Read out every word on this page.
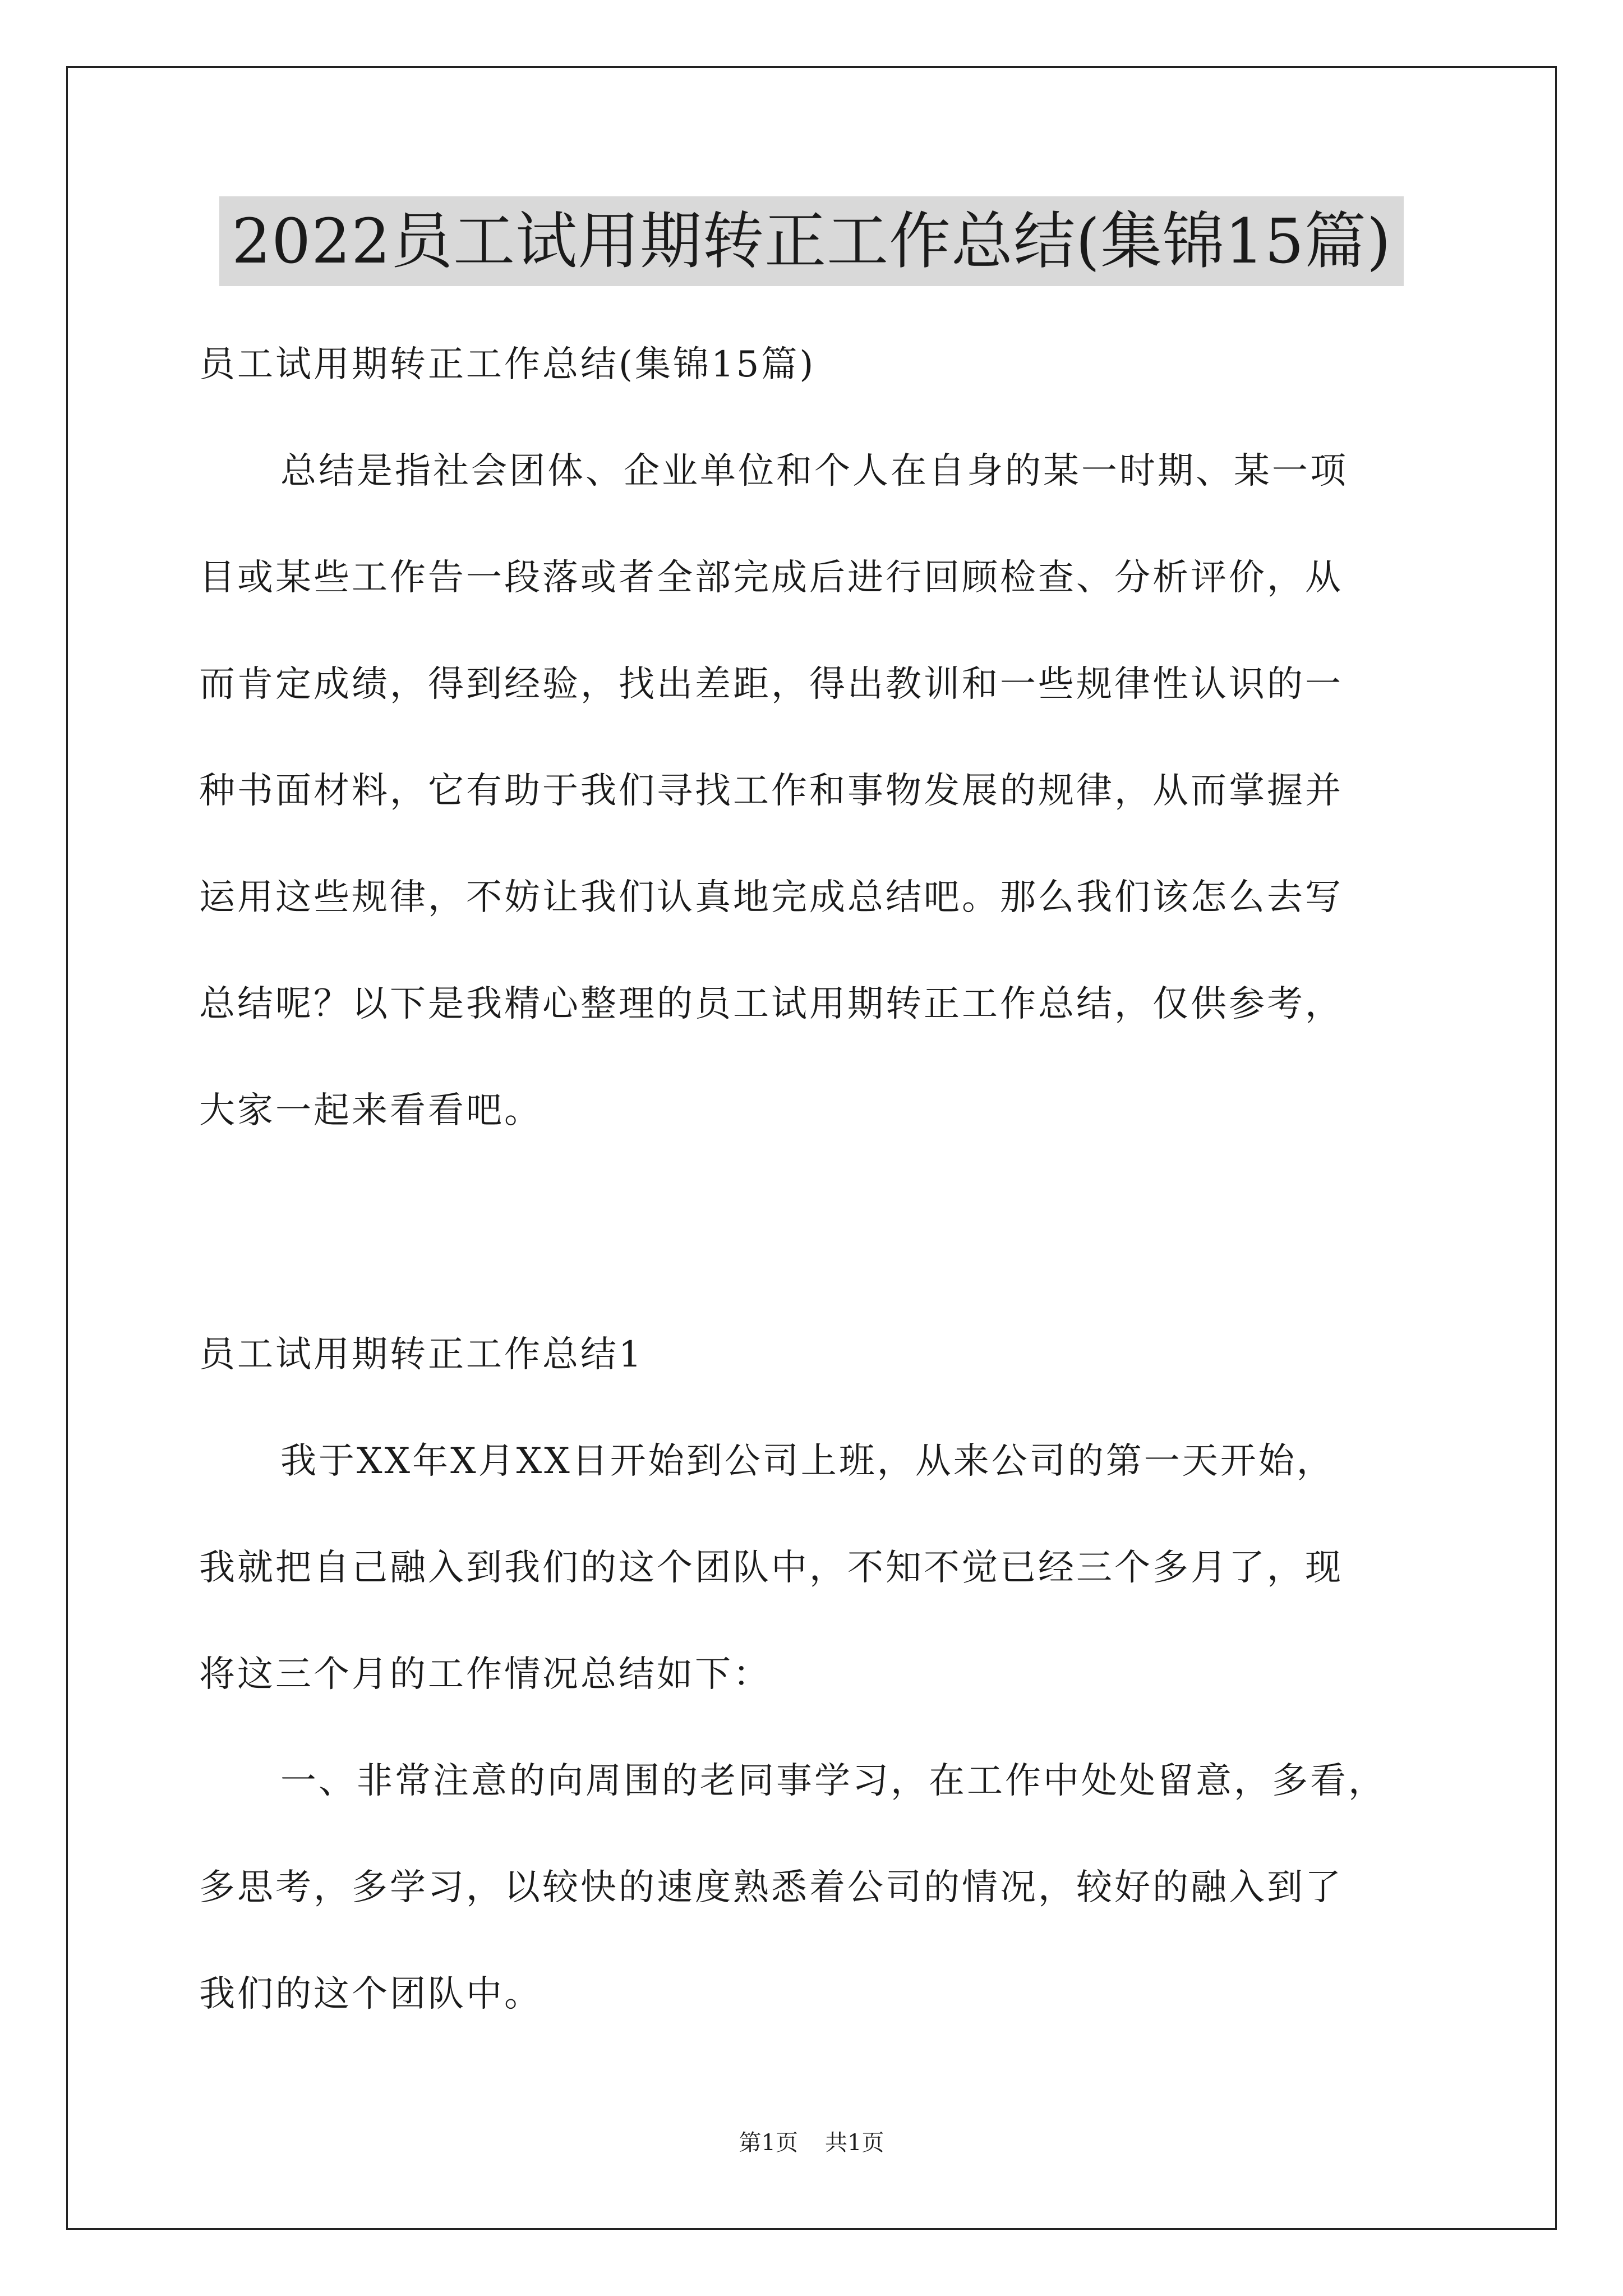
2022员工试用期转正工作总结(集锦15篇)
员工试用期转正工作总结(集锦15篇)
总结是指社会团体、企业单位和个人在自身的某一时期、某一项
目或某些工作告一段落或者全部完成后进行回顾检查、分析评价，从
而肯定成绩，得到经验，找出差距，得出教训和一些规律性认识的一
种书面材料，它有助于我们寻找工作和事物发展的规律，从而掌握并
运用这些规律，不妨让我们认真地完成总结吧。那么我们该怎么去写
总结呢？以下是我精心整理的员工试用期转正工作总结，仅供参考，
大家一起来看看吧。
员工试用期转正工作总结1
我于XX年X月XX日开始到公司上班，从来公司的第一天开始，
我就把自己融入到我们的这个团队中，不知不觉已经三个多月了，现
将这三个月的工作情况总结如下：
一、非常注意的向周围的老同事学习，在工作中处处留意，多看，
多思考，多学习，以较快的速度熟悉着公司的情况，较好的融入到了
我们的这个团队中。
第1页 共1页
